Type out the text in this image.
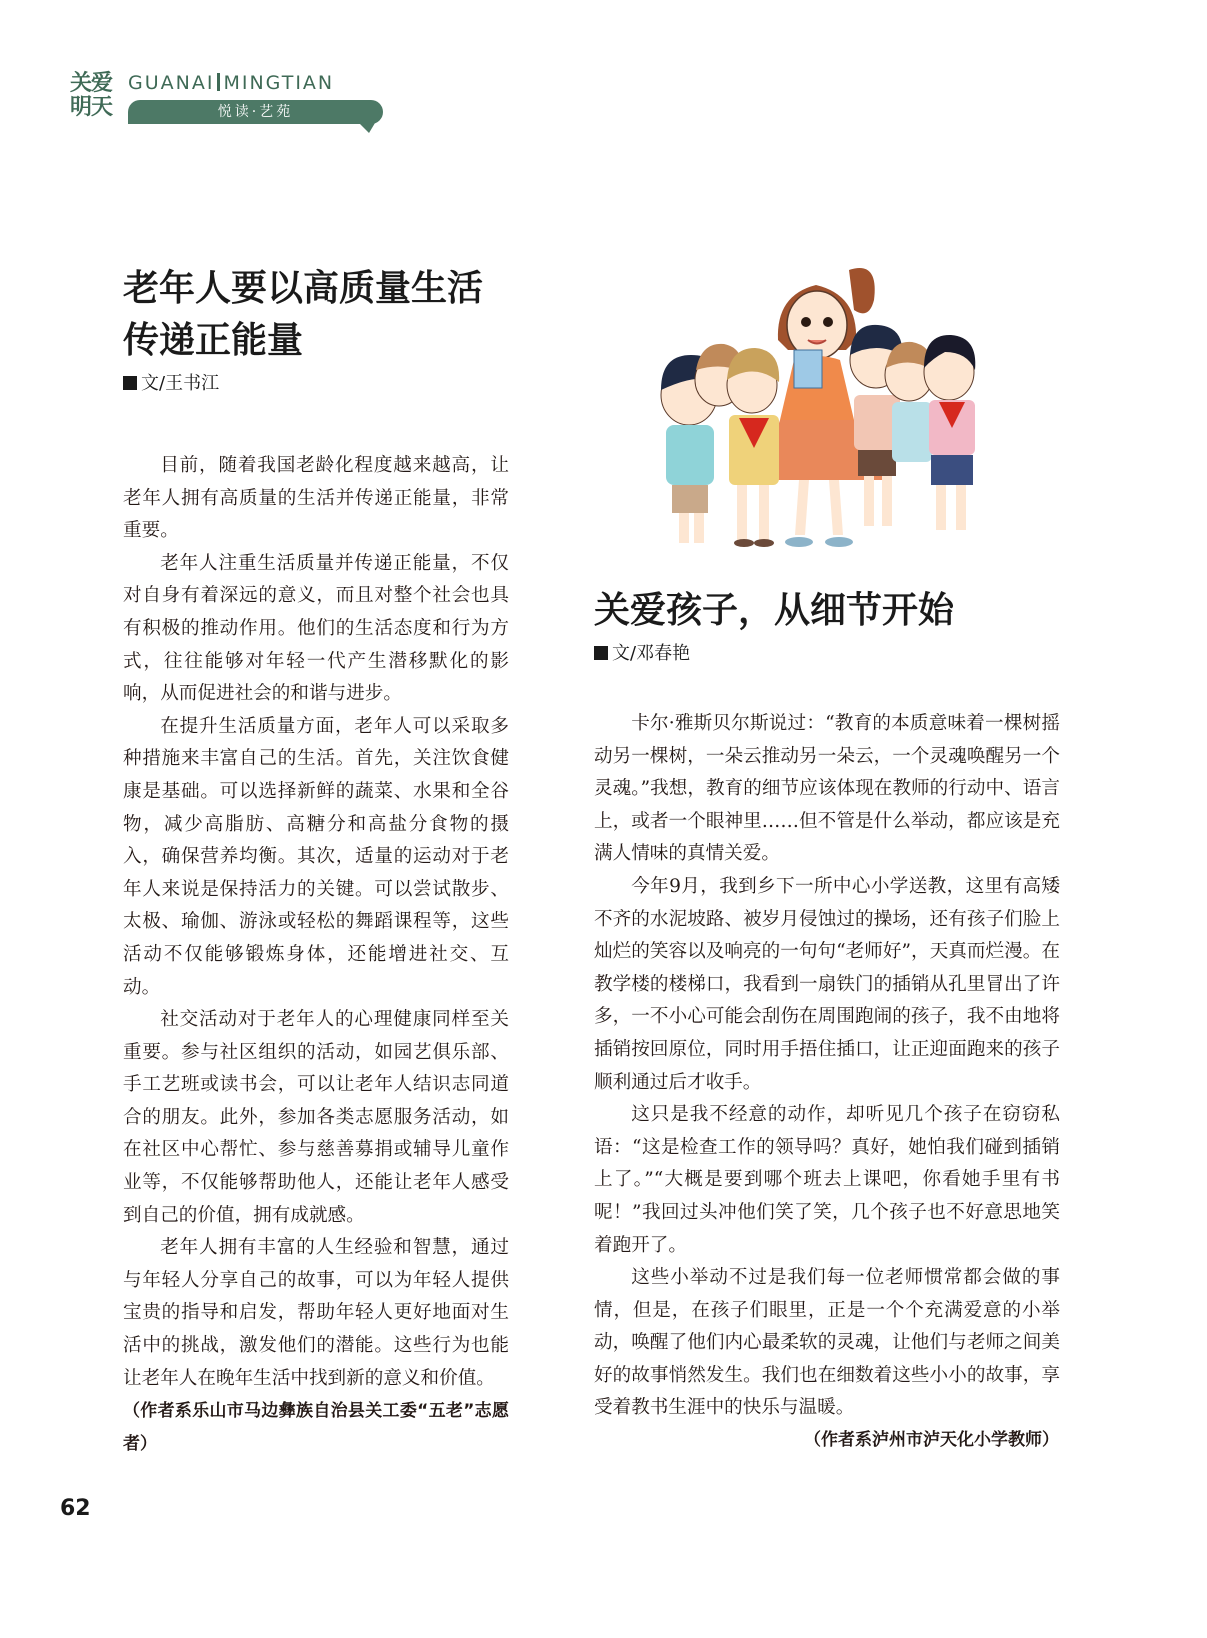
关爱
明天
GUANAI MINGTIAN
悦读·艺苑
老年人要以高质量生活
传递正能量
文/王书江

目前，随着我国老龄化程度越来越高，让老年人拥有高质量的生活并传递正能量，非常重要。

老年人注重生活质量并传递正能量，不仅对自身有着深远的意义，而且对整个社会也具有积极的推动作用。他们的生活态度和行为方式，往往能够对年轻一代产生潜移默化的影响，从而促进社会的和谐与进步。

在提升生活质量方面，老年人可以采取多种措施来丰富自己的生活。首先，关注饮食健康是基础。可以选择新鲜的蔬菜、水果和全谷物，减少高脂肪、高糖分和高盐分食物的摄入，确保营养均衡。其次，适量的运动对于老年人来说是保持活力的关键。可以尝试散步、太极、瑜伽、游泳或轻松的舞蹈课程等，这些活动不仅能够锻炼身体，还能增进社交、互动。

社交活动对于老年人的心理健康同样至关重要。参与社区组织的活动，如园艺俱乐部、手工艺班或读书会，可以让老年人结识志同道合的朋友。此外，参加各类志愿服务活动，如在社区中心帮忙、参与慈善募捐或辅导儿童作业等，不仅能够帮助他人，还能让老年人感受到自己的价值，拥有成就感。

老年人拥有丰富的人生经验和智慧，通过与年轻人分享自己的故事，可以为年轻人提供宝贵的指导和启发，帮助年轻人更好地面对生活中的挑战，激发他们的潜能。这些行为也能让老年人在晚年生活中找到新的意义和价值。

（作者系乐山市马边彝族自治县关工委“五老”志愿者）

关爱孩子，从细节开始
文/邓春艳

卡尔·雅斯贝尔斯说过：“教育的本质意味着一棵树摇动另一棵树，一朵云推动另一朵云，一个灵魂唤醒另一个灵魂。”我想，教育的细节应该体现在教师的行动中、语言上，或者一个眼神里……但不管是什么举动，都应该是充满人情味的真情关爱。

今年9月，我到乡下一所中心小学送教，这里有高矮不齐的水泥坡路、被岁月侵蚀过的操场，还有孩子们脸上灿烂的笑容以及响亮的一句句“老师好”，天真而烂漫。在教学楼的楼梯口，我看到一扇铁门的插销从孔里冒出了许多，一不小心可能会刮伤在周围跑闹的孩子，我不由地将插销按回原位，同时用手捂住插口，让正迎面跑来的孩子顺利通过后才收手。

这只是我不经意的动作，却听见几个孩子在窃窃私语：“这是检查工作的领导吗？真好，她怕我们碰到插销上了。”“大概是要到哪个班去上课吧，你看她手里有书呢！”我回过头冲他们笑了笑，几个孩子也不好意思地笑着跑开了。

这些小举动不过是我们每一位老师惯常都会做的事情，但是，在孩子们眼里，正是一个个充满爱意的小举动，唤醒了他们内心最柔软的灵魂，让他们与老师之间美好的故事悄然发生。我们也在细数着这些小小的故事，享受着教书生涯中的快乐与温暖。

（作者系泸州市泸天化小学教师）
62
